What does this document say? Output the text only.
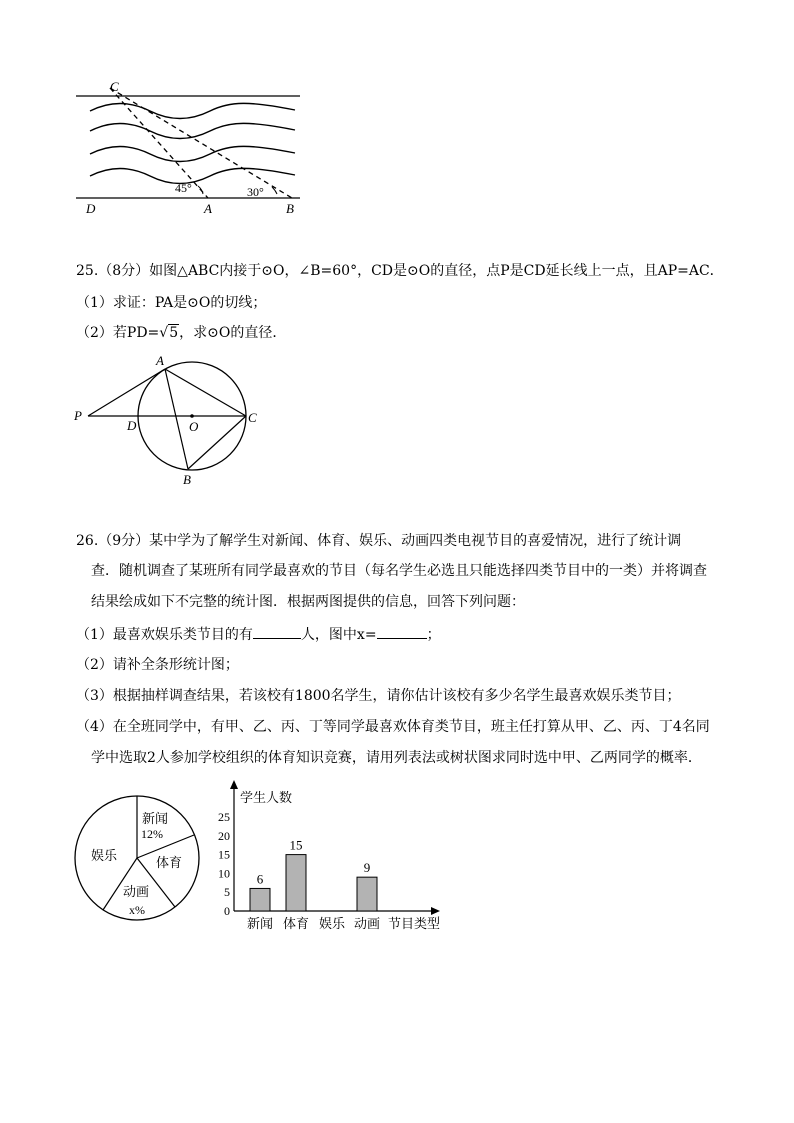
C
D	A	B
45°	30°
25.（8分）如图△ABC内接于⊙O，∠B=60°，CD是⊙O的直径，点P是CD延长线上一点，且AP=AC．
（1）求证：PA是⊙O的切线；
（2）若PD=√5，求⊙O的直径．
A
P
D	O
C
B
26.（9分）某中学为了解学生对新闻、体育、娱乐、动画四类电视节目的喜爱情况，进行了统计调
查．随机调查了某班所有同学最喜欢的节目（每名学生必选且只能选择四类节目中的一类）并将调查
结果绘成如下不完整的统计图．根据两图提供的信息，回答下列问题：
（1）最喜欢娱乐类节目的有	人，图中x=	；
（2）请补全条形统计图；
（3）根据抽样调查结果，若该校有1800名学生，请你估计该校有多少名学生最喜欢娱乐类节目；
（4）在全班同学中，有甲、乙、丙、丁等同学最喜欢体育类节目，班主任打算从甲、乙、丙、丁4名同
学中选取2人参加学校组织的体育知识竞赛，请用列表法或树状图求同时选中甲、乙两同学的概率．
新闻
12%
体育
娱乐
动画
x%
学生人数
节目类型
0
5
10
15
20
25
新闻
6
体育
15
娱乐 动画
9
